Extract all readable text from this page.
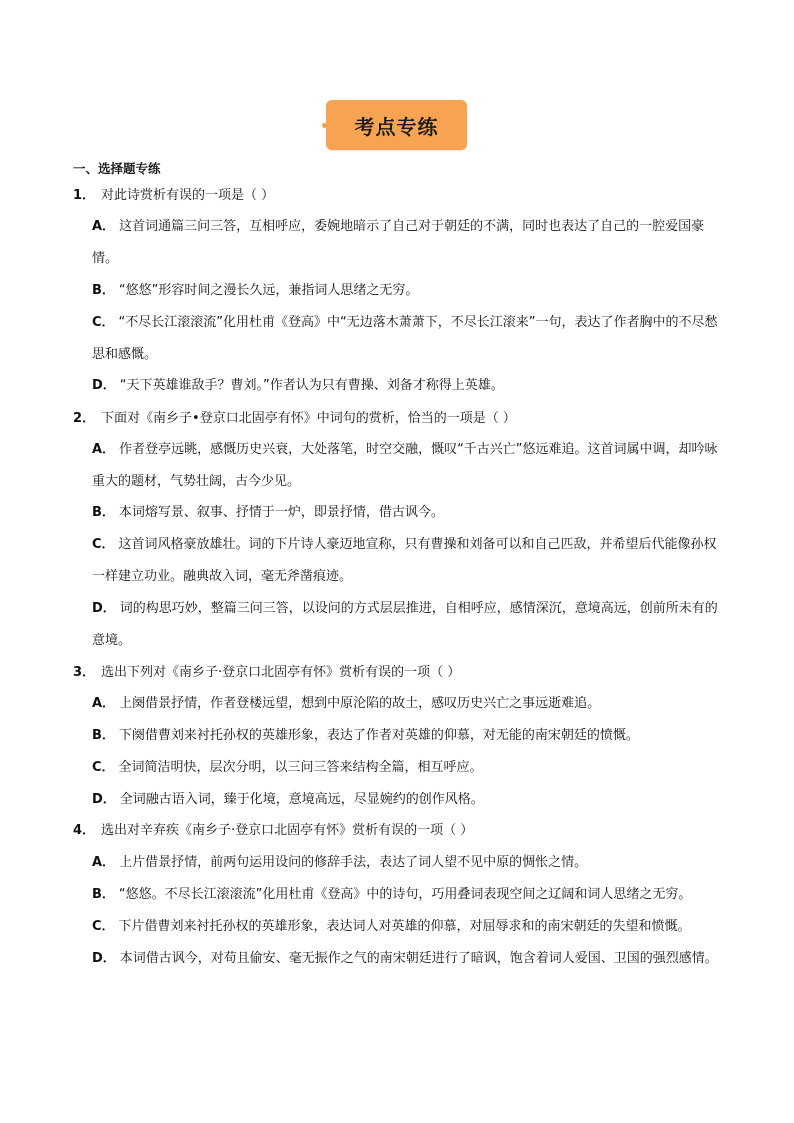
考点专练
一、选择题专练
1． 对此诗赏析有误的一项是（ ）
A． 这首词通篇三问三答，互相呼应，委婉地暗示了自己对于朝廷的不满，同时也表达了自己的一腔爱国豪情。
B． “悠悠”形容时间之漫长久远，兼指词人思绪之无穷。
C． “不尽长江滚滚流”化用杜甫《登高》中“无边落木萧萧下，不尽长江滚来”一句，表达了作者胸中的不尽愁思和感慨。
D． “天下英雄谁敌手？曹刘。”作者认为只有曹操、刘备才称得上英雄。
2． 下面对《南乡子•登京口北固亭有怀》中词句的赏析，恰当的一项是（ ）
A． 作者登亭远眺，感慨历史兴衰，大处落笔，时空交融，慨叹“千古兴亡”悠远难追。这首词属中调，却吟咏重大的题材，气势壮阔，古今少见。
B． 本词熔写景、叙事、抒情于一炉，即景抒情，借古讽今。
C． 这首词风格豪放雄壮。词的下片诗人豪迈地宣称，只有曹操和刘备可以和自己匹敌，并希望后代能像孙权一样建立功业。融典故入词，毫无斧凿痕迹。
D． 词的构思巧妙，整篇三问三答，以设问的方式层层推进，自相呼应，感情深沉，意境高远，创前所未有的意境。
3． 选出下列对《南乡子·登京口北固亭有怀》赏析有误的一项（ ）
A． 上阕借景抒情，作者登楼远望，想到中原沦陷的故土，感叹历史兴亡之事远逝难追。
B． 下阕借曹刘来衬托孙权的英雄形象，表达了作者对英雄的仰慕，对无能的南宋朝廷的愤慨。
C． 全词简洁明快，层次分明，以三问三答来结构全篇，相互呼应。
D． 全词融古语入词，臻于化境，意境高远，尽显婉约的创作风格。
4． 选出对辛弃疾《南乡子·登京口北固亭有怀》赏析有误的一项（ ）
A． 上片借景抒情，前两句运用设问的修辞手法，表达了词人望不见中原的惆怅之情。
B． “悠悠。不尽长江滚滚流”化用杜甫《登高》中的诗句，巧用叠词表现空间之辽阔和词人思绪之无穷。
C． 下片借曹刘来衬托孙权的英雄形象，表达词人对英雄的仰慕，对屈辱求和的南宋朝廷的失望和愤慨。
D． 本词借古讽今，对苟且偷安、毫无振作之气的南宋朝廷进行了暗讽，饱含着词人爱国、卫国的强烈感情。
